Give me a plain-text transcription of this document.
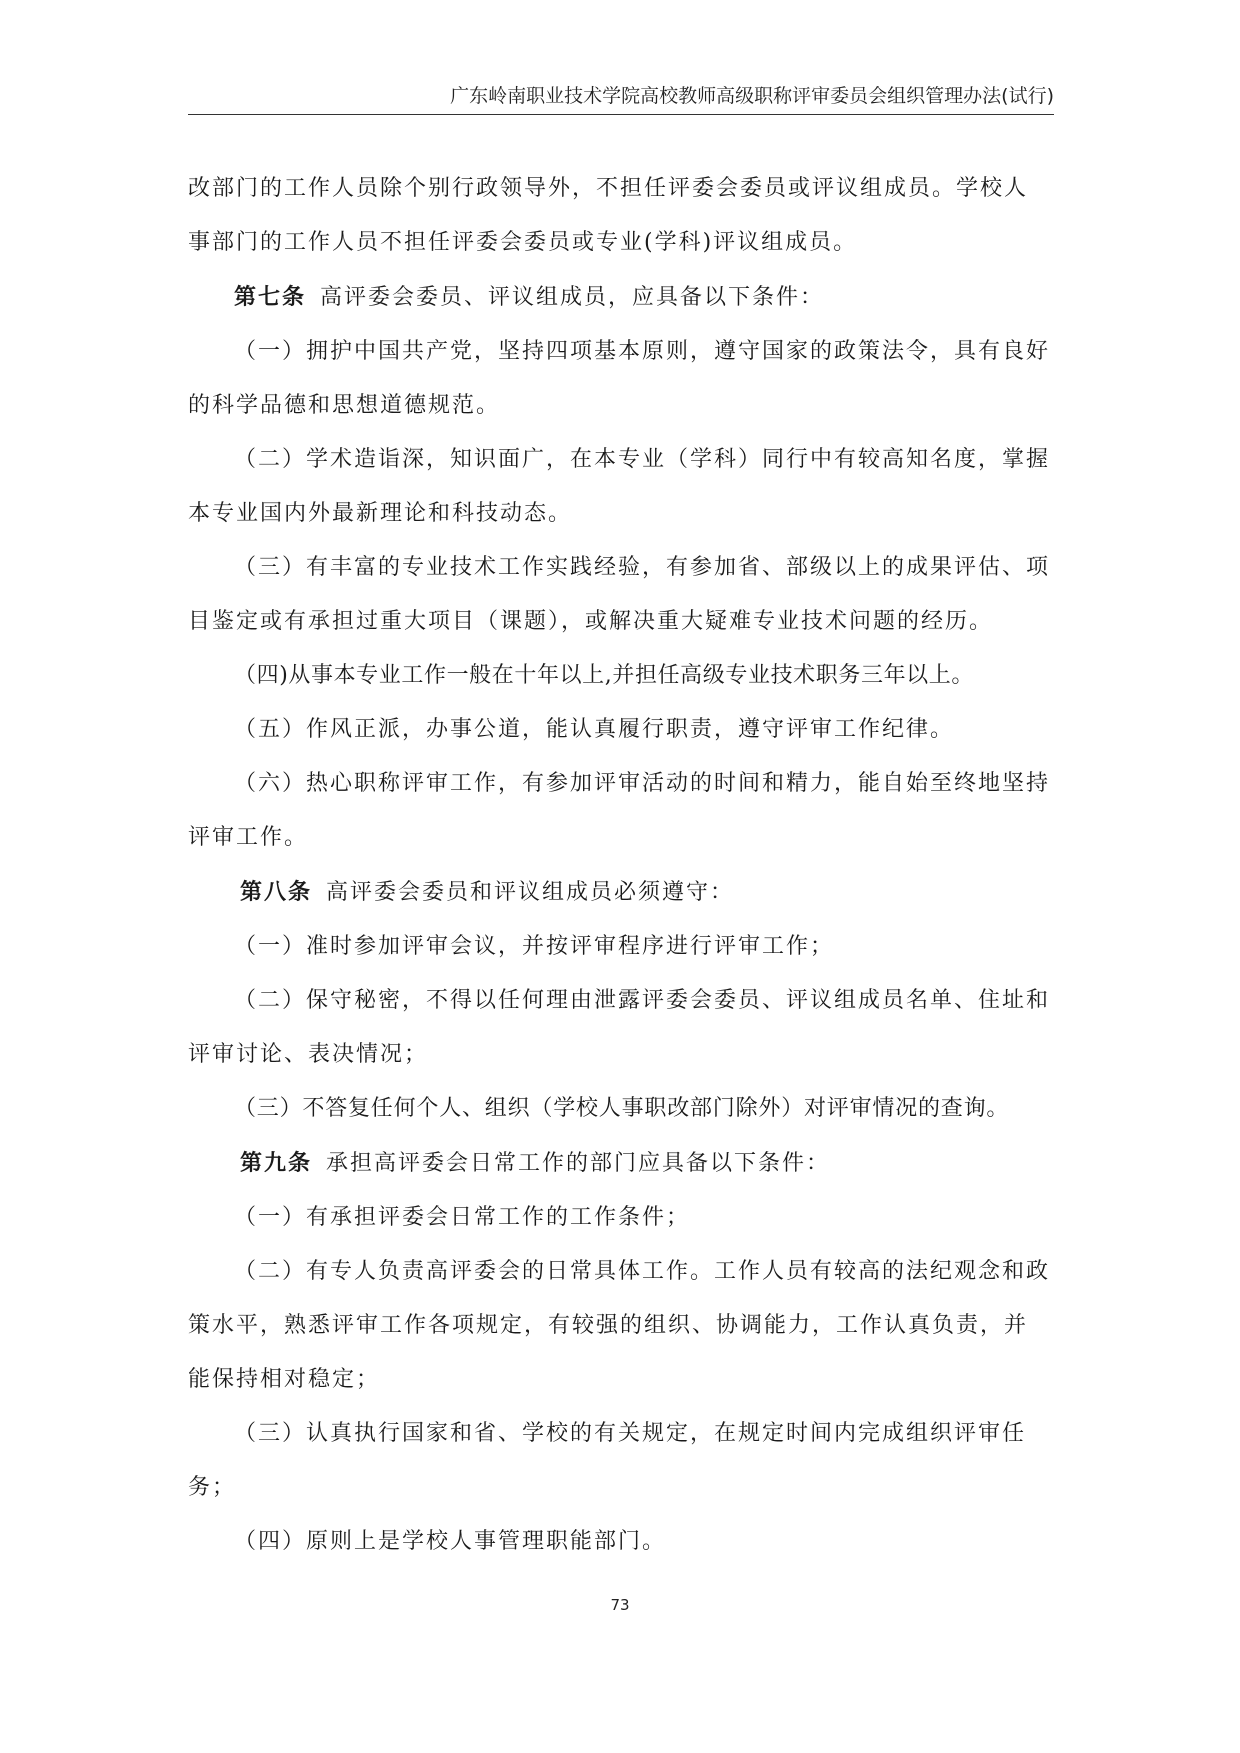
广东岭南职业技术学院高校教师高级职称评审委员会组织管理办法(试行)

改部门的工作人员除个别行政领导外，不担任评委会委员或评议组成员。学校人事部门的工作人员不担任评委会委员或专业(学科)评议组成员。

第七条 高评委会委员、评议组成员，应具备以下条件：

（一）拥护中国共产党，坚持四项基本原则，遵守国家的政策法令，具有良好的科学品德和思想道德规范。

（二）学术造诣深，知识面广，在本专业（学科）同行中有较高知名度，掌握本专业国内外最新理论和科技动态。

（三）有丰富的专业技术工作实践经验，有参加省、部级以上的成果评估、项目鉴定或有承担过重大项目（课题），或解决重大疑难专业技术问题的经历。

（四)从事本专业工作一般在十年以上,并担任高级专业技术职务三年以上。

（五）作风正派，办事公道，能认真履行职责，遵守评审工作纪律。

（六）热心职称评审工作，有参加评审活动的时间和精力，能自始至终地坚持评审工作。

第八条 高评委会委员和评议组成员必须遵守：

（一）准时参加评审会议，并按评审程序进行评审工作；

（二）保守秘密，不得以任何理由泄露评委会委员、评议组成员名单、住址和评审讨论、表决情况；

（三）不答复任何个人、组织（学校人事职改部门除外）对评审情况的查询。

第九条 承担高评委会日常工作的部门应具备以下条件：

（一）有承担评委会日常工作的工作条件；

（二）有专人负责高评委会的日常具体工作。工作人员有较高的法纪观念和政策水平，熟悉评审工作各项规定，有较强的组织、协调能力，工作认真负责，并能保持相对稳定；

（三）认真执行国家和省、学校的有关规定，在规定时间内完成组织评审任务；

（四）原则上是学校人事管理职能部门。

73
